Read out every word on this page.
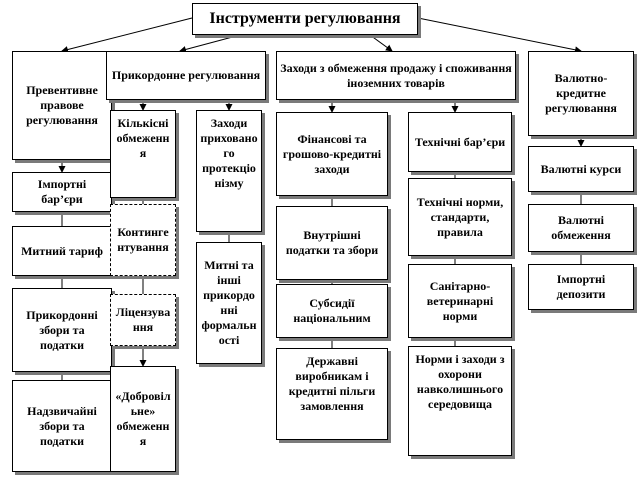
Інструменти регулювання
Превентивне правове регулювання
Імпортні бар’єри
Митний тариф
Прикордонні збори та податки
Надзвичайні збори та податки
Прикордонне регулювання
Кількісні обмеження
Контингентування
Ліцензування
«Добровільне» обмеження
Заходи прихованого протекціонізму
Митні та інші прикордонні формальності
Заходи з обмеження продажу і споживання іноземних товарів
Фінансові та грошово-кредитні заходи
Внутрішні податки та збори
Субсидії національним
Державні виробникам і кредитні пільги замовлення
Технічні бар’єри
Технічні норми, стандарти, правила
Санітарно-ветеринарні норми
Норми і заходи з охорони навколишнього середовища
Валютно-кредитне регулювання
Валютні курси
Валютні обмеження
Імпортні депозити
